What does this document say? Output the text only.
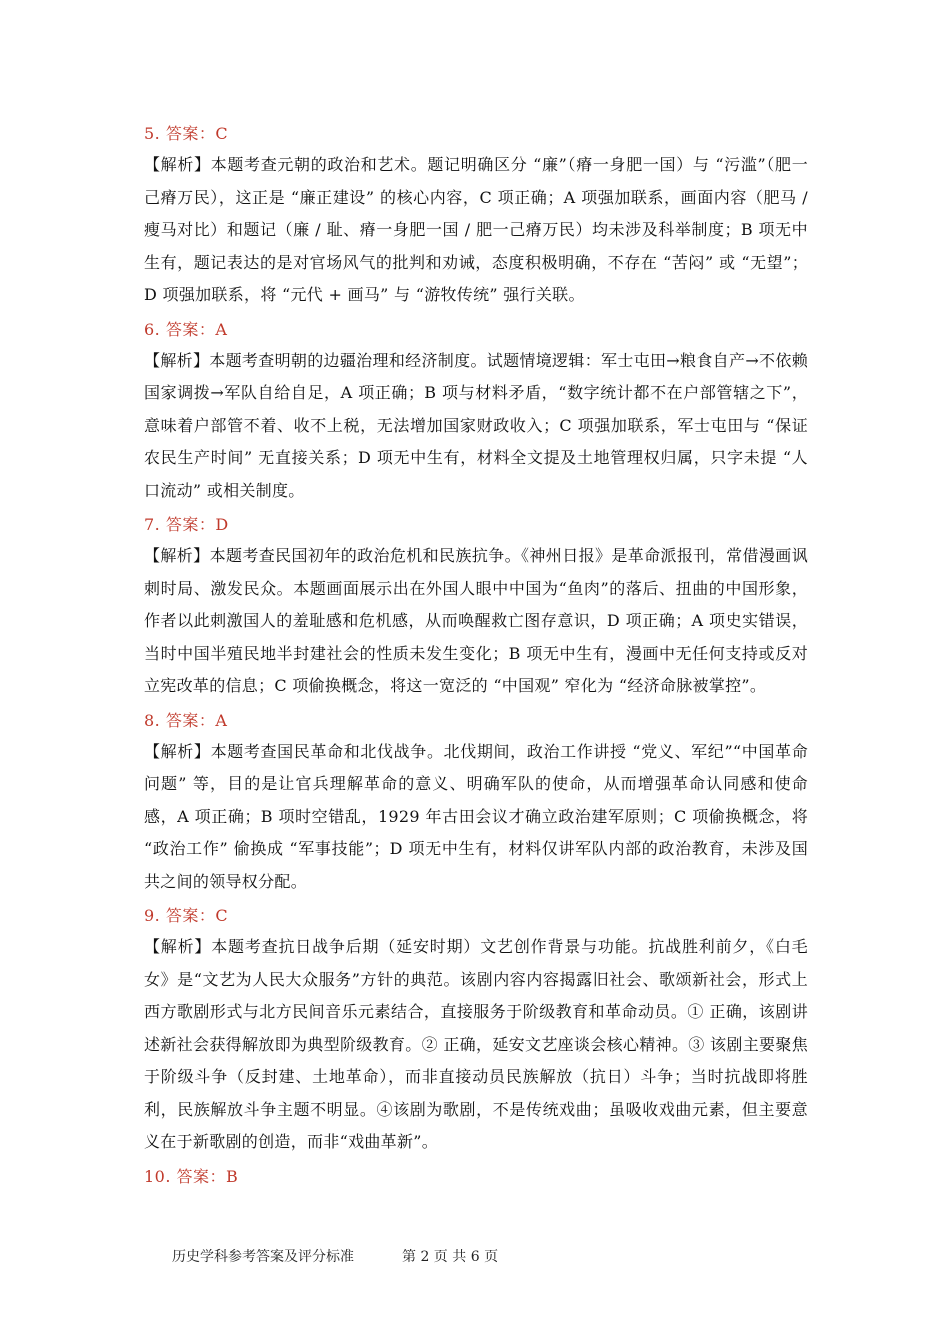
5. 答案：C
【解析】本题考查元朝的政治和艺术。题记明确区分 “廉”（瘠一身肥一国）与 “污滥”（肥一己瘠万民），这正是 “廉正建设” 的核心内容，C 项正确；A 项强加联系，画面内容（肥马 / 瘦马对比）和题记（廉 / 耻、瘠一身肥一国 / 肥一己瘠万民）均未涉及科举制度；B 项无中生有，题记表达的是对官场风气的批判和劝诫，态度积极明确，不存在 “苦闷” 或 “无望”；D 项强加联系，将 “元代 + 画马” 与 “游牧传统” 强行关联。
6. 答案：A
【解析】本题考查明朝的边疆治理和经济制度。试题情境逻辑：军士屯田→粮食自产→不依赖国家调拨→军队自给自足，A 项正确；B 项与材料矛盾，“数字统计都不在户部管辖之下”，意味着户部管不着、收不上税，无法增加国家财政收入；C 项强加联系，军士屯田与 “保证农民生产时间” 无直接关系；D 项无中生有，材料全文提及土地管理权归属，只字未提 “人口流动” 或相关制度。
7. 答案：D
【解析】本题考查民国初年的政治危机和民族抗争。《神州日报》是革命派报刊，常借漫画讽刺时局、激发民众。本题画面展示出在外国人眼中中国为“鱼肉”的落后、扭曲的中国形象，作者以此刺激国人的羞耻感和危机感，从而唤醒救亡图存意识，D 项正确；A 项史实错误，当时中国半殖民地半封建社会的性质未发生变化；B 项无中生有，漫画中无任何支持或反对立宪改革的信息；C 项偷换概念，将这一宽泛的 “中国观” 窄化为 “经济命脉被掌控”。
8. 答案：A
【解析】本题考查国民革命和北伐战争。北伐期间，政治工作讲授 “党义、军纪”“中国革命问题” 等，目的是让官兵理解革命的意义、明确军队的使命，从而增强革命认同感和使命感，A 项正确；B 项时空错乱，1929 年古田会议才确立政治建军原则；C 项偷换概念，将 “政治工作” 偷换成 “军事技能”；D 项无中生有，材料仅讲军队内部的政治教育，未涉及国共之间的领导权分配。
9. 答案：C
【解析】本题考查抗日战争后期（延安时期）文艺创作背景与功能。抗战胜利前夕，《白毛女》是“文艺为人民大众服务”方针的典范。该剧内容内容揭露旧社会、歌颂新社会，形式上西方歌剧形式与北方民间音乐元素结合，直接服务于阶级教育和革命动员。① 正确，该剧讲述新社会获得解放即为典型阶级教育。② 正确，延安文艺座谈会核心精神。③ 该剧主要聚焦于阶级斗争（反封建、土地革命），而非直接动员民族解放（抗日）斗争；当时抗战即将胜利，民族解放斗争主题不明显。④该剧为歌剧，不是传统戏曲；虽吸收戏曲元素，但主要意义在于新歌剧的创造，而非“戏曲革新”。
10. 答案：B
历史学科参考答案及评分标准	第 2 页 共 6 页
